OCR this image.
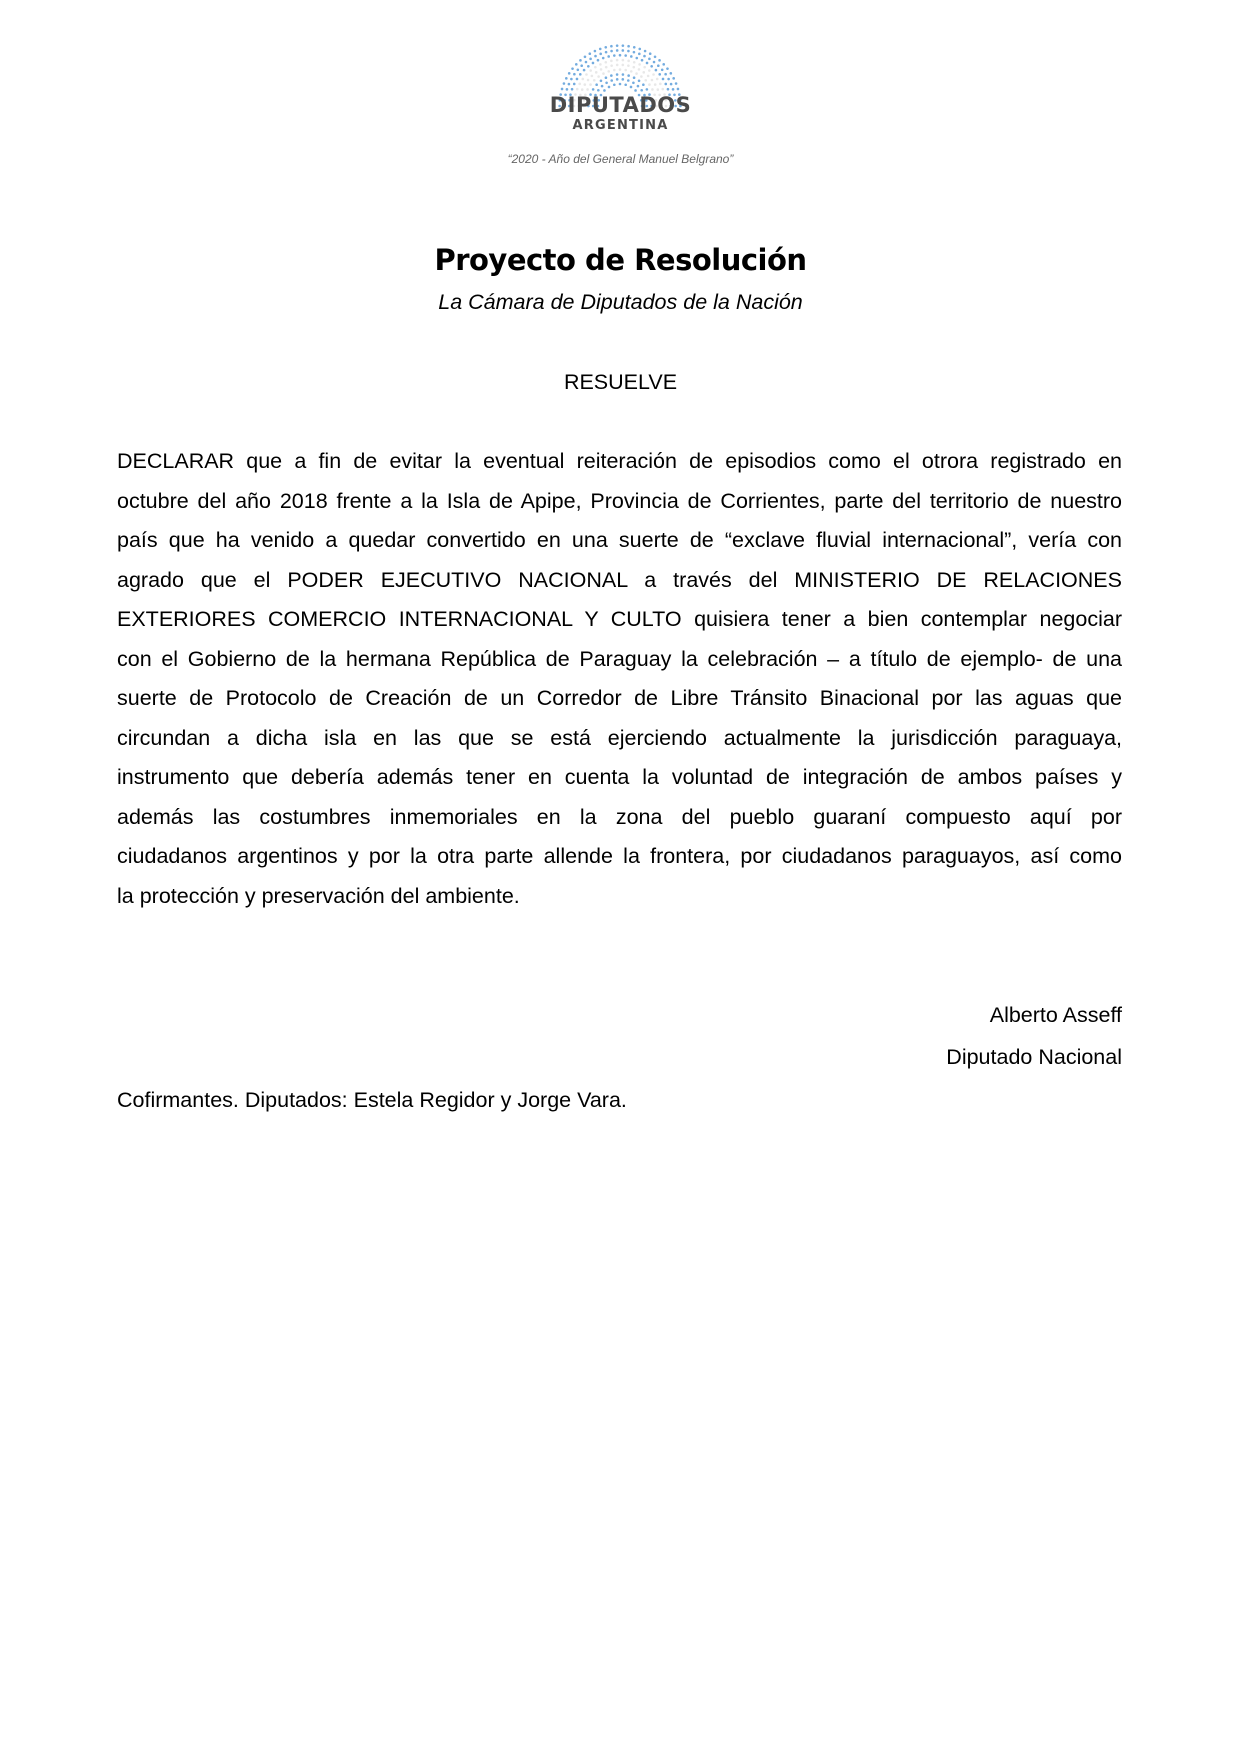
DIPUTADOS
ARGENTINA
“2020 - Año del General Manuel Belgrano”
Proyecto de Resolución
La Cámara de Diputados de la Nación
RESUELVE
DECLARAR que a fin de evitar la eventual reiteración de episodios como el otrora registrado en
octubre del año 2018 frente a la Isla de Apipe, Provincia de Corrientes, parte del territorio de nuestro
país que ha venido a quedar convertido en una suerte de “exclave fluvial internacional”, vería con
agrado que el PODER EJECUTIVO NACIONAL a través del MINISTERIO DE RELACIONES
EXTERIORES COMERCIO INTERNACIONAL Y CULTO quisiera tener a bien contemplar negociar
con el Gobierno de la hermana República de Paraguay la celebración – a título de ejemplo- de una
suerte de Protocolo de Creación de un Corredor de Libre Tránsito Binacional por las aguas que
circundan a dicha isla en las que se está ejerciendo actualmente la jurisdicción paraguaya,
instrumento que debería además tener en cuenta la voluntad de integración de ambos países y
además las costumbres inmemoriales en la zona del pueblo guaraní compuesto aquí por
ciudadanos argentinos y por la otra parte allende la frontera, por ciudadanos paraguayos, así como
la protección y preservación del ambiente.
Alberto Asseff
Diputado Nacional
Cofirmantes. Diputados: Estela Regidor y Jorge Vara.
